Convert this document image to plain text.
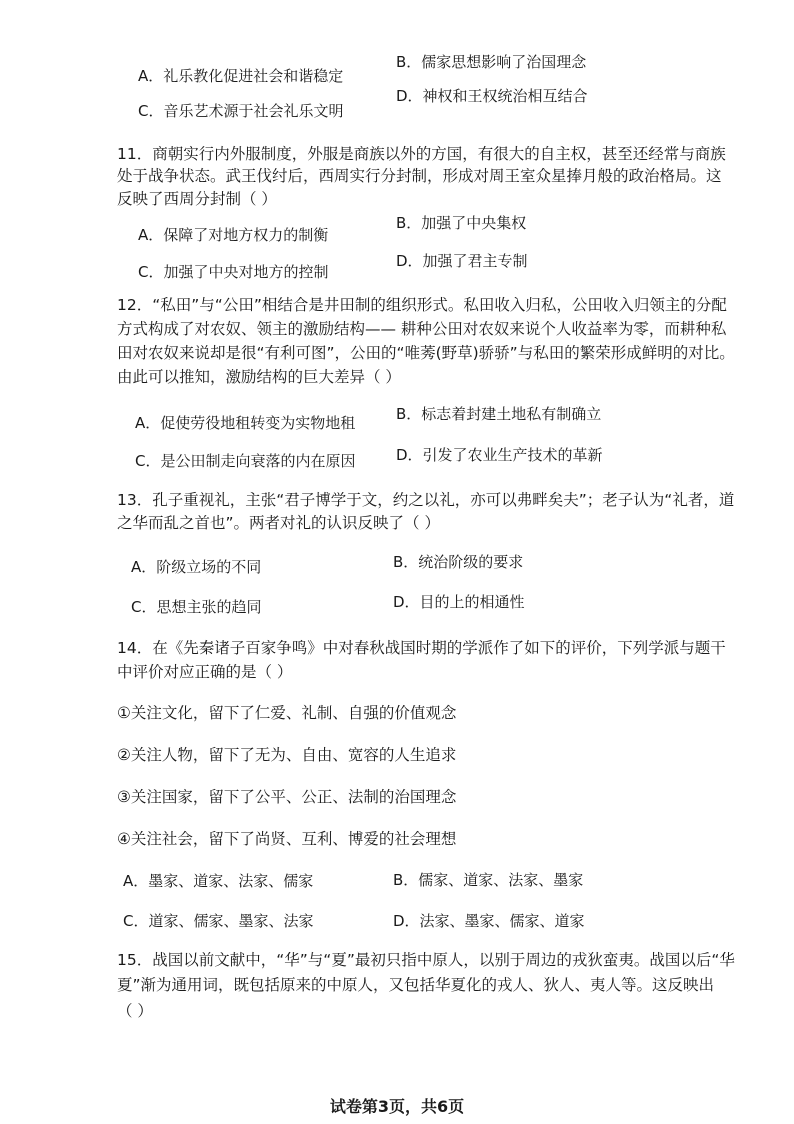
A．礼乐教化促进社会和谐稳定
B．儒家思想影响了治国理念
C．音乐艺术源于社会礼乐文明
D．神权和王权统治相互结合
11．商朝实行内外服制度，外服是商族以外的方国，有很大的自主权，甚至还经常与商族
处于战争状态。武王伐纣后，西周实行分封制，形成对周王室众星捧月般的政治格局。这
反映了西周分封制（ ）
A．保障了对地方权力的制衡
B．加强了中央集权
C．加强了中央对地方的控制
D．加强了君主专制
12．“私田”与“公田”相结合是井田制的组织形式。私田收入归私，公田收入归领主的分配
方式构成了对农奴、领主的激励结构—— 耕种公田对农奴来说个人收益率为零，而耕种私
田对农奴来说却是很“有利可图”，公田的“唯莠(野草)骄骄”与私田的繁荣形成鲜明的对比。
由此可以推知，激励结构的巨大差异（ ）
A．促使劳役地租转变为实物地租	B．标志着封建土地私有制确立
C．是公田制走向衰落的内在原因	D．引发了农业生产技术的革新
13．孔子重视礼，主张“君子博学于文，约之以礼，亦可以弗畔矣夫”；老子认为“礼者，道
之华而乱之首也”。两者对礼的认识反映了（ ）
A．阶级立场的不同	B．统治阶级的要求
C．思想主张的趋同	D．目的上的相通性
14．在《先秦诸子百家争鸣》中对春秋战国时期的学派作了如下的评价，下列学派与题干
中评价对应正确的是（ ）
①关注文化，留下了仁爱、礼制、自强的价值观念
②关注人物，留下了无为、自由、宽容的人生追求
③关注国家，留下了公平、公正、法制的治国理念
④关注社会，留下了尚贤、互利、博爱的社会理想
A．墨家、道家、法家、儒家	B．儒家、道家、法家、墨家
C．道家、儒家、墨家、法家	D．法家、墨家、儒家、道家
15．战国以前文献中，“华”与“夏”最初只指中原人，以别于周边的戎狄蛮夷。战国以后“华
夏”渐为通用词，既包括原来的中原人，又包括华夏化的戎人、狄人、夷人等。这反映出
（ ）
试卷第3页，共6页
